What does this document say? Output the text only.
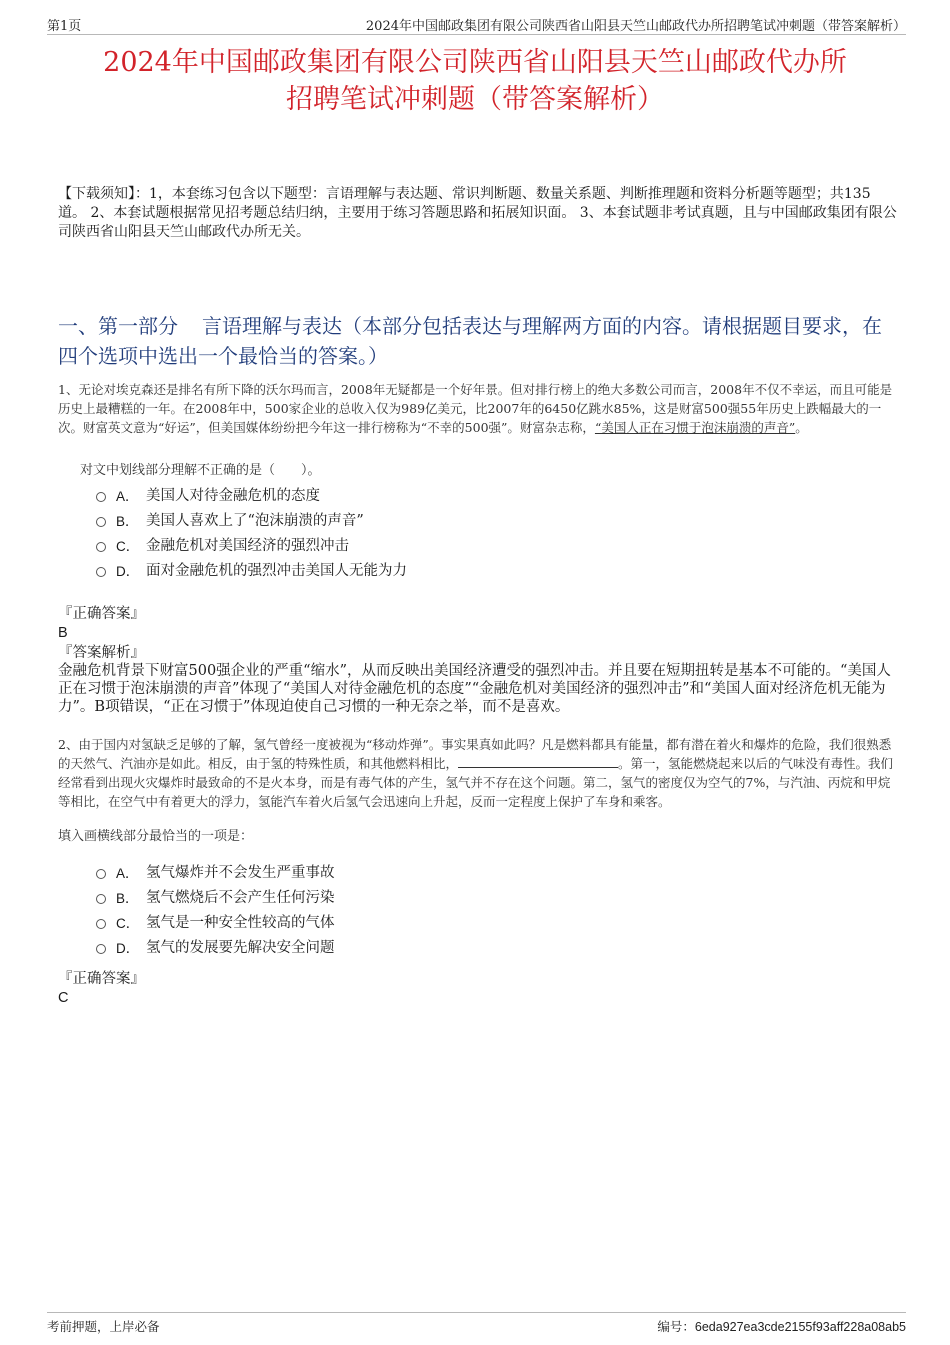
第1页	2024年中国邮政集团有限公司陕西省山阳县天竺山邮政代办所招聘笔试冲刺题（带答案解析）
2024年中国邮政集团有限公司陕西省山阳县天竺山邮政代办所
招聘笔试冲刺题（带答案解析）
【下载须知】：1，本套练习包含以下题型：言语理解与表达题、常识判断题、数量关系题、判断推理题和资料分析题等题型；共135道。 2、本套试题根据常见招考题总结归纳，主要用于练习答题思路和拓展知识面。 3、本套试题非考试真题，且与中国邮政集团有限公司陕西省山阳县天竺山邮政代办所无关。
一、第一部分 言语理解与表达（本部分包括表达与理解两方面的内容。请根据题目要求，在四个选项中选出一个最恰当的答案。）
1、无论对埃克森还是排名有所下降的沃尔玛而言，2008年无疑都是一个好年景。但对排行榜上的绝大多数公司而言，2008年不仅不幸运，而且可能是历史上最糟糕的一年。在2008年中，500家企业的总收入仅为989亿美元，比2007年的6450亿跳水85%，这是财富500强55年历史上跌幅最大的一次。财富英文意为“好运”，但美国媒体纷纷把今年这一排行榜称为“不幸的500强”。财富杂志称，“美国人正在习惯于泡沫崩溃的声音”。
对文中划线部分理解不正确的是（　　）。
A． 美国人对待金融危机的态度
B． 美国人喜欢上了“泡沫崩溃的声音”
C． 金融危机对美国经济的强烈冲击
D． 面对金融危机的强烈冲击美国人无能为力
『正确答案』
B
『答案解析』
金融危机背景下财富500强企业的严重“缩水”，从而反映出美国经济遭受的强烈冲击。并且要在短期扭转是基本不可能的。“美国人正在习惯于泡沫崩溃的声音”体现了“美国人对待金融危机的态度”“金融危机对美国经济的强烈冲击”和“美国人面对经济危机无能为力”。B项错误，“正在习惯于”体现迫使自己习惯的一种无奈之举，而不是喜欢。
2、由于国内对氢缺乏足够的了解，氢气曾经一度被视为“移动炸弹”。事实果真如此吗？凡是燃料都具有能量，都有潜在着火和爆炸的危险，我们很熟悉的天然气、汽油亦是如此。相反，由于氢的特殊性质，和其他燃料相比，	。第一，氢能燃烧起来以后的气味没有毒性。我们经常看到出现火灾爆炸时最致命的不是火本身，而是有毒气体的产生，氢气并不存在这个问题。第二，氢气的密度仅为空气的7%，与汽油、丙烷和甲烷等相比，在空气中有着更大的浮力，氢能汽车着火后氢气会迅速向上升起，反而一定程度上保护了车身和乘客。
填入画横线部分最恰当的一项是：
A． 氢气爆炸并不会发生严重事故
B． 氢气燃烧后不会产生任何污染
C． 氢气是一种安全性较高的气体
D． 氢气的发展要先解决安全问题
『正确答案』
C
考前押题，上岸必备	编号：6eda927ea3cde2155f93aff228a08ab5
